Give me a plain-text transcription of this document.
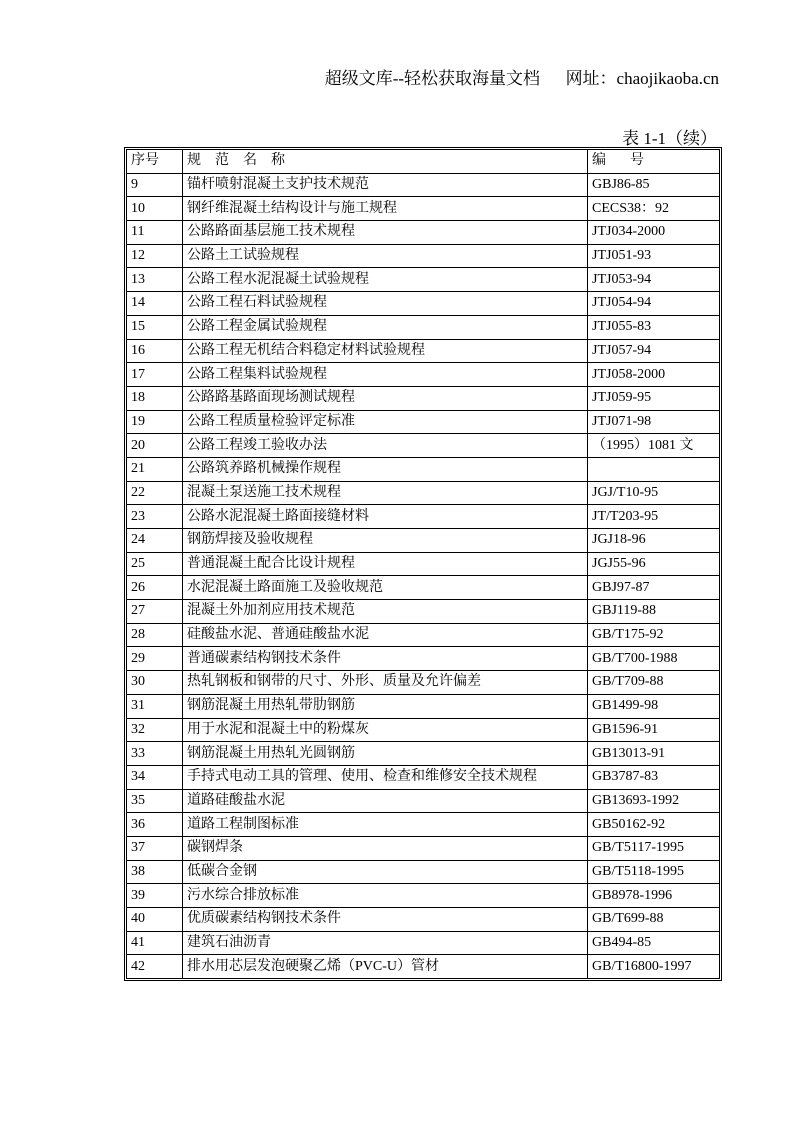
超级文库--轻松获取海量文档 网址：chaojikaoba.cn
表 1-1（续）
序号	规范名称	编号
9	锚杆喷射混凝土支护技术规范	GBJ86-85
10	钢纤维混凝土结构设计与施工规程	CECS38：92
11	公路路面基层施工技术规程	JTJ034-2000
12	公路土工试验规程	JTJ051-93
13	公路工程水泥混凝土试验规程	JTJ053-94
14	公路工程石料试验规程	JTJ054-94
15	公路工程金属试验规程	JTJ055-83
16	公路工程无机结合料稳定材料试验规程	JTJ057-94
17	公路工程集料试验规程	JTJ058-2000
18	公路路基路面现场测试规程	JTJ059-95
19	公路工程质量检验评定标准	JTJ071-98
20	公路工程竣工验收办法	（1995）1081 文
21	公路筑养路机械操作规程	
22	混凝土泵送施工技术规程	JGJ/T10-95
23	公路水泥混凝土路面接缝材料	JT/T203-95
24	钢筋焊接及验收规程	JGJ18-96
25	普通混凝土配合比设计规程	JGJ55-96
26	水泥混凝土路面施工及验收规范	GBJ97-87
27	混凝土外加剂应用技术规范	GBJ119-88
28	硅酸盐水泥、普通硅酸盐水泥	GB/T175-92
29	普通碳素结构钢技术条件	GB/T700-1988
30	热轧钢板和钢带的尺寸、外形、质量及允许偏差	GB/T709-88
31	钢筋混凝土用热轧带肋钢筋	GB1499-98
32	用于水泥和混凝土中的粉煤灰	GB1596-91
33	钢筋混凝土用热轧光圆钢筋	GB13013-91
34	手持式电动工具的管理、使用、检查和维修安全技术规程	GB3787-83
35	道路硅酸盐水泥	GB13693-1992
36	道路工程制图标准	GB50162-92
37	碳钢焊条	GB/T5117-1995
38	低碳合金钢	GB/T5118-1995
39	污水综合排放标准	GB8978-1996
40	优质碳素结构钢技术条件	GB/T699-88
41	建筑石油沥青	GB494-85
42	排水用芯层发泡硬聚乙烯（PVC-U）管材	GB/T16800-1997
